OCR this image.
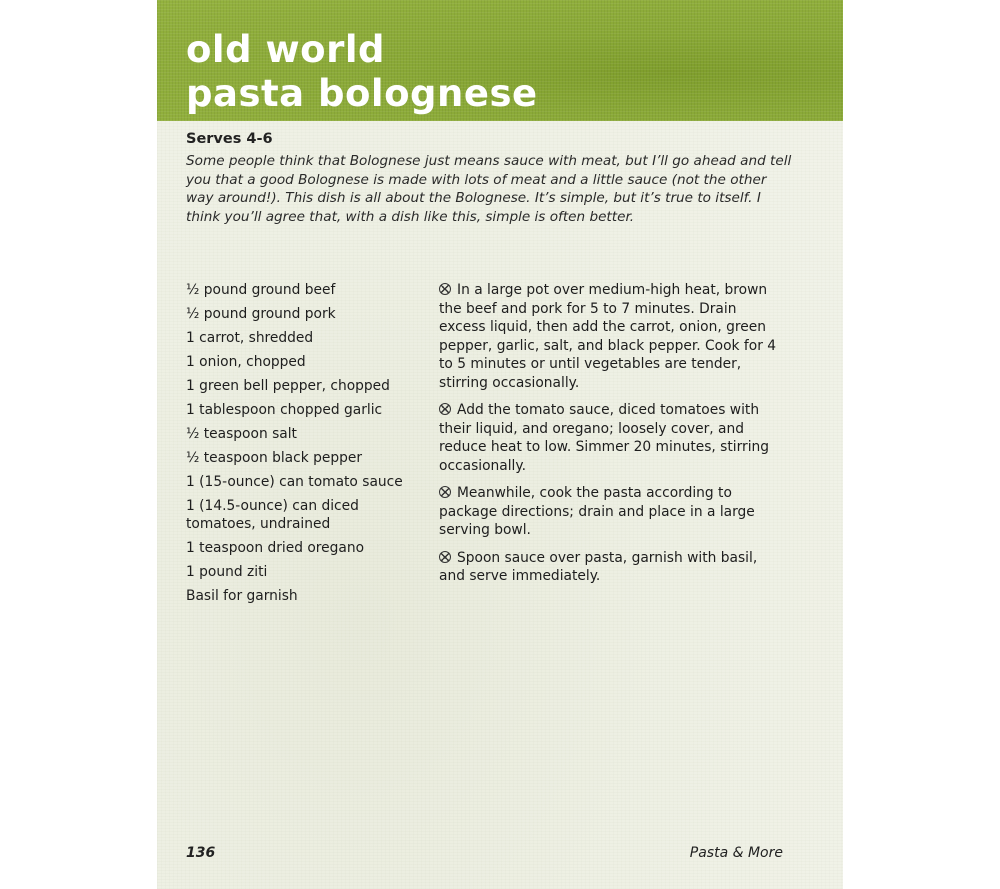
old world
pasta bolognese
Serves 4-6

Some people think that Bolognese just means sauce with meat, but I’ll go ahead and tell you that a good Bolognese is made with lots of meat and a little sauce (not the other way around!). This dish is all about the Bolognese. It’s simple, but it’s true to itself. I think you’ll agree that, with a dish like this, simple is often better.

½ pound ground beef
½ pound ground pork
1 carrot, shredded
1 onion, chopped
1 green bell pepper, chopped
1 tablespoon chopped garlic
½ teaspoon salt
½ teaspoon black pepper
1 (15-ounce) can tomato sauce
1 (14.5-ounce) can diced tomatoes, undrained
1 teaspoon dried oregano
1 pound ziti
Basil for garnish
In a large pot over medium-high heat, brown the beef and pork for 5 to 7 minutes. Drain excess liquid, then add the carrot, onion, green pepper, garlic, salt, and black pepper. Cook for 4 to 5 minutes or until vegetables are tender, stirring occasionally.
Add the tomato sauce, diced tomatoes with their liquid, and oregano; loosely cover, and reduce heat to low. Simmer 20 minutes, stirring occasionally.
Meanwhile, cook the pasta according to package directions; drain and place in a large serving bowl.
Spoon sauce over pasta, garnish with basil, and serve immediately.
136	Pasta & More
